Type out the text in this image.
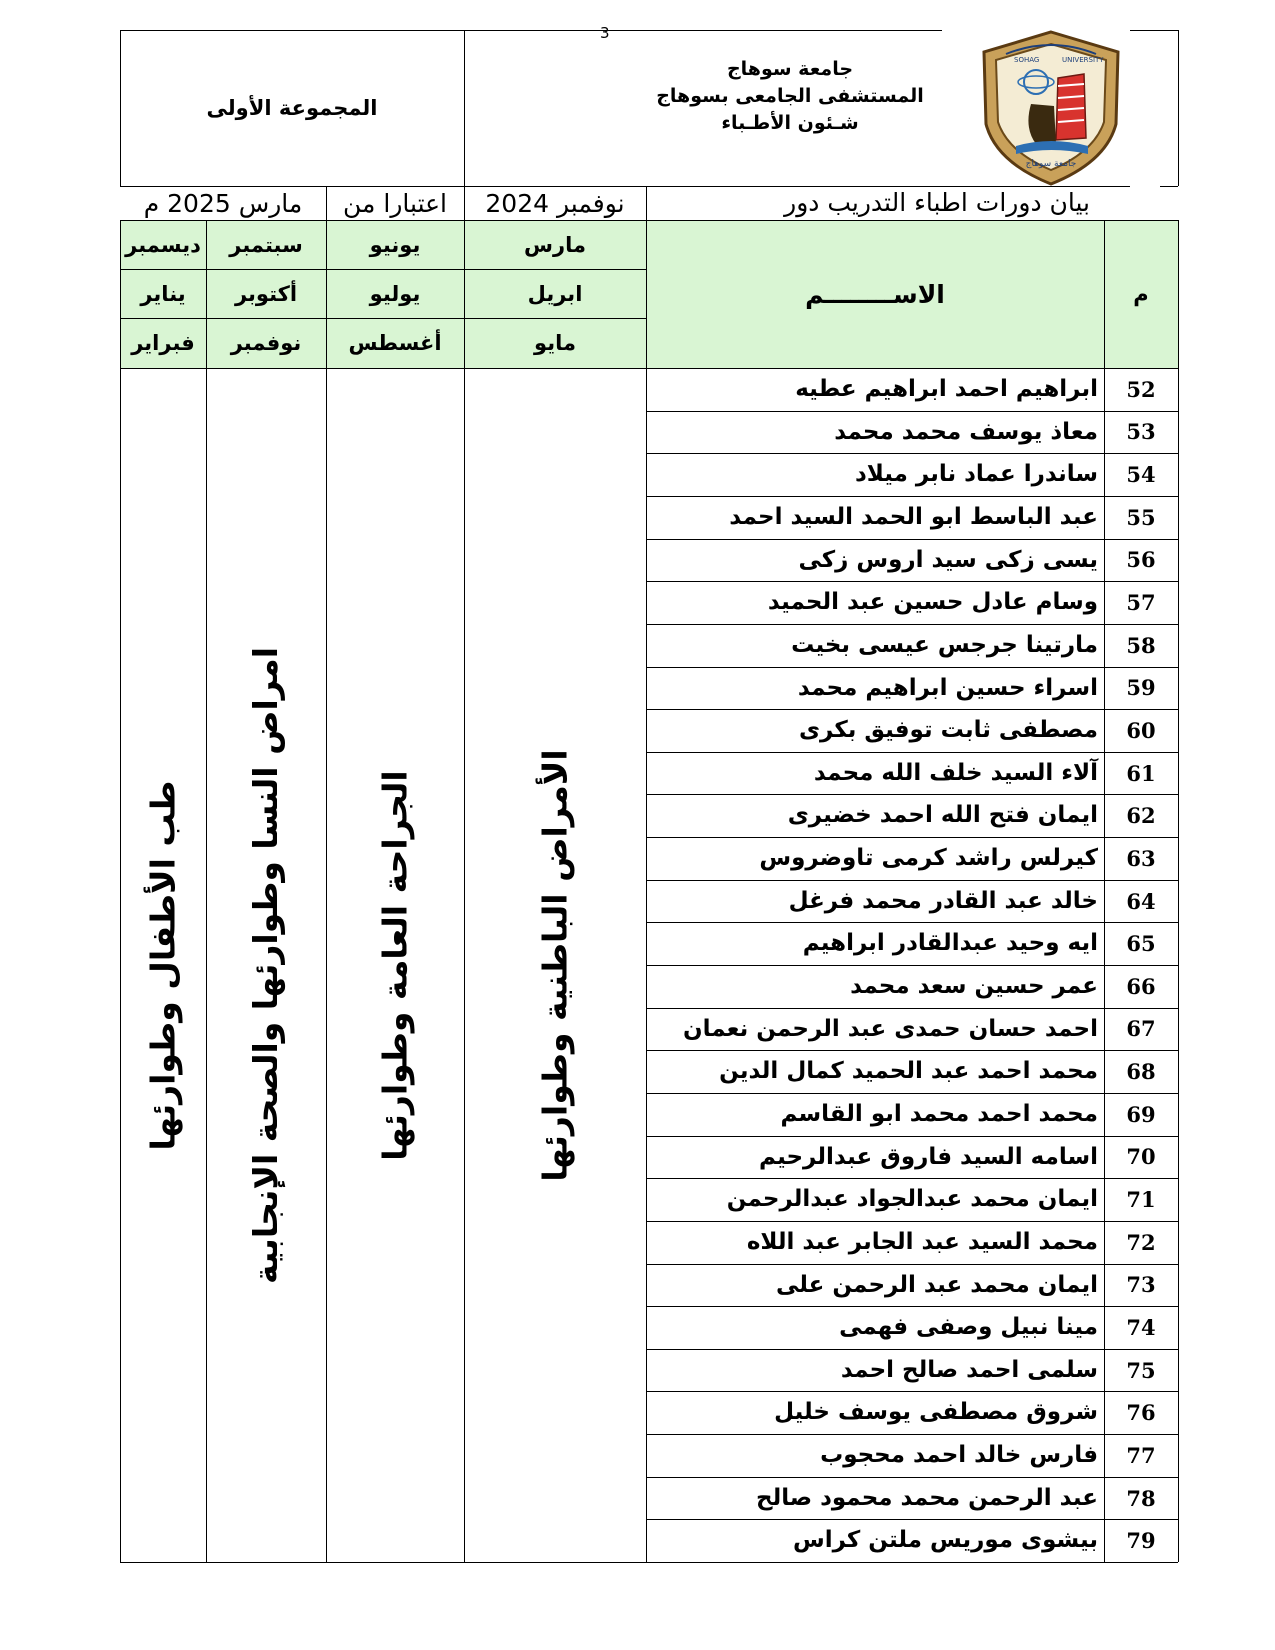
3
المجموعة الأولى
جامعة سوهاج
المستشفى الجامعى بسوهاج
شـئون الأطـباء
SOHAG	UNIVERSITY
جامعة سوهاج
بيان دورات اطباء التدريب دور
نوفمبر 2024
اعتبارا من
مارس 2025 م
مارس
ابريل
مايو
يونيو
يوليو
أغسطس
سبتمبر
أكتوبر
نوفمبر
ديسمبر
يناير
فبراير
الاســــــــم	م
52
ابراهيم احمد ابراهيم عطيه
53
معاذ يوسف محمد محمد
54
ساندرا عماد نابر ميلاد
55
عبد الباسط ابو الحمد السيد احمد
56
يسى زكى سيد اروس زكى
57
وسام عادل حسين عبد الحميد
58
مارتينا جرجس عيسى بخيت
59
اسراء حسين ابراهيم محمد
60
مصطفى ثابت توفيق بكرى
61
آلاء السيد خلف الله محمد
62
ايمان فتح الله احمد خضيرى
63
كيرلس راشد كرمى تاوضروس
64
خالد عبد القادر محمد فرغل
65
ايه وحيد عبدالقادر ابراهيم
66
عمر حسين سعد محمد
67
احمد حسان حمدى عبد الرحمن نعمان
68
محمد احمد عبد الحميد كمال الدين
69
محمد احمد محمد ابو القاسم
70
اسامه السيد فاروق عبدالرحيم
71
ايمان محمد عبدالجواد عبدالرحمن
72
محمد السيد عبد الجابر عبد اللاه
73
ايمان محمد عبد الرحمن على
74
مينا نبيل وصفى فهمى
75
سلمى احمد صالح احمد
76
شروق مصطفى يوسف خليل
77
فارس خالد احمد محجوب
78
عبد الرحمن محمد محمود صالح
79
بيشوى موريس ملتن كراس
الأمراض الباطنية وطوارئها
الجراحة العامة وطوارئها
امراض النسا وطوارئها والصحة الإنجابية
طب الأطفال وطوارئها
